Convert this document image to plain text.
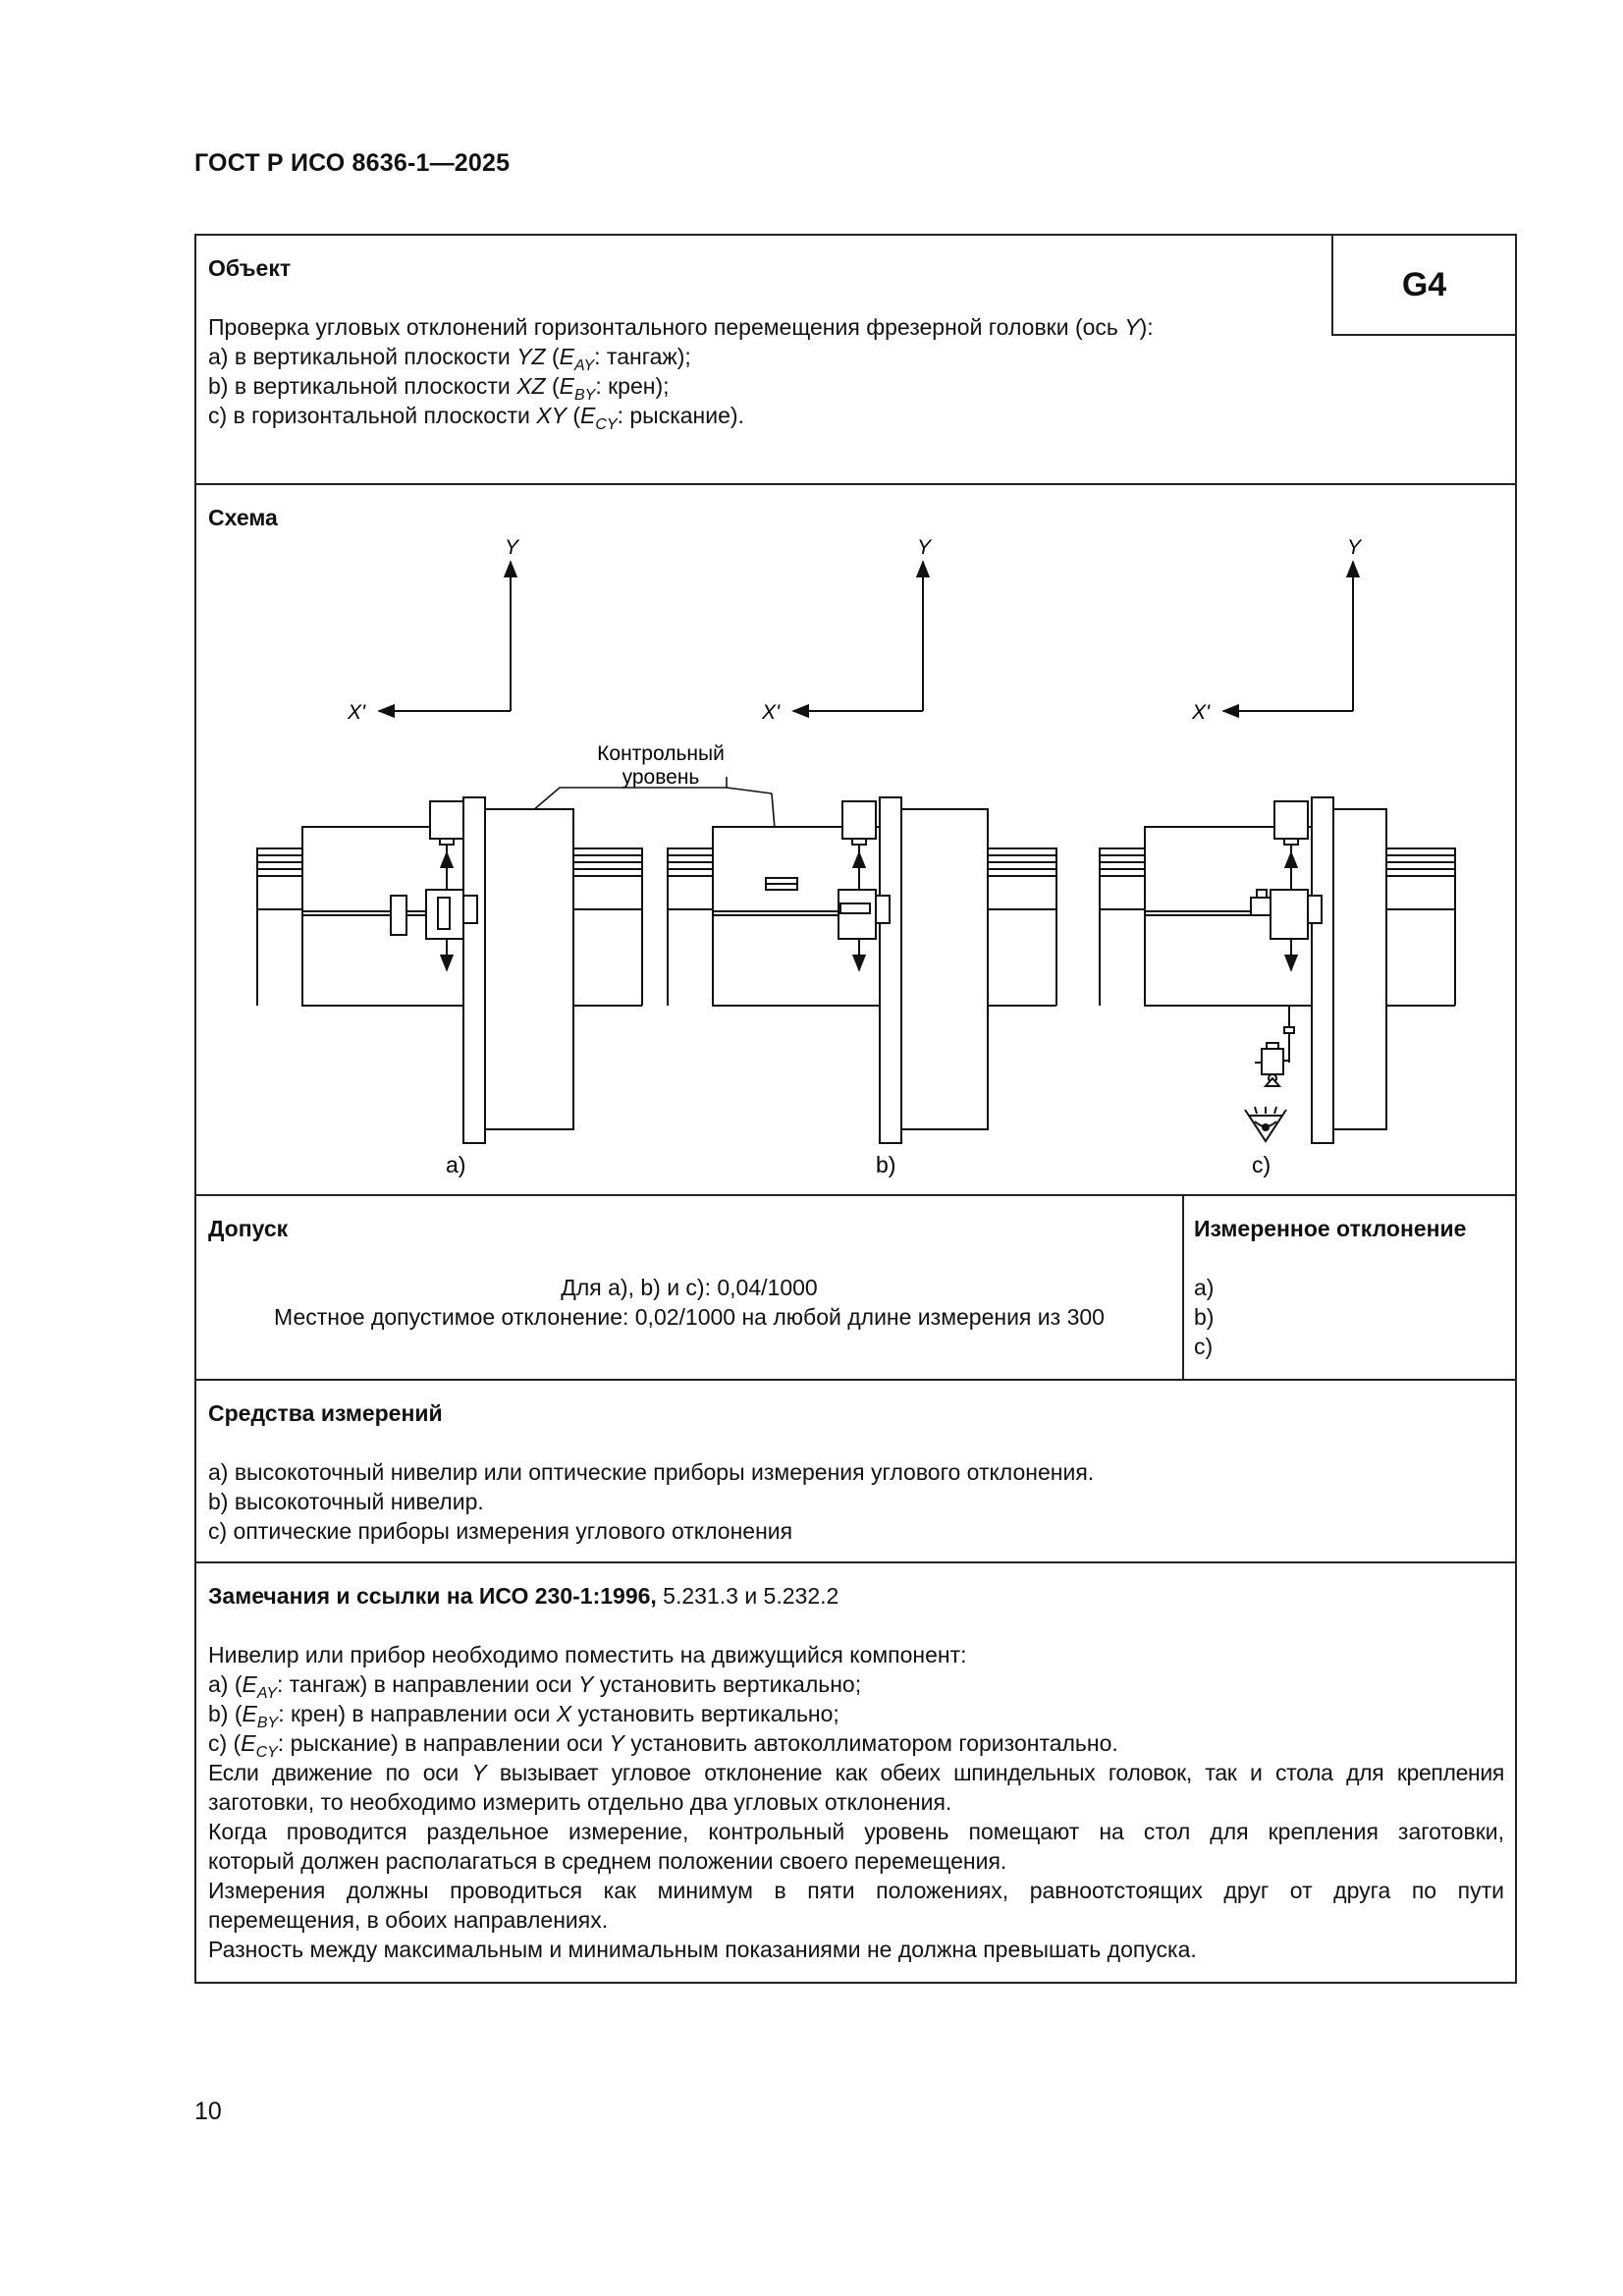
ГОСТ Р ИСО 8636-1—2025
Объект	G4
Проверка угловых отклонений горизонтального перемещения фрезерной головки (ось Y):
a) в вертикальной плоскости YZ ($E_{AY}$: тангаж);
b) в вертикальной плоскости XZ ($E_{BY}$: крен);
c) в горизонтальной плоскости XY ($E_{CY}$: рыскание).
Схема
Y	Y	Y
X'	X'	X'
Контрольный
уровень
a)	b)	c)
Допуск
Для a), b) и c): 0,04/1000
Местное допустимое отклонение: 0,02/1000 на любой длине измерения из 300
Измеренное отклонение
a)
b)
c)
Средства измерений
a) высокоточный нивелир или оптические приборы измерения углового отклонения.
b) высокоточный нивелир.
c) оптические приборы измерения углового отклонения
Замечания и ссылки на ИСО 230-1:1996, 5.231.3 и 5.232.2
Нивелир или прибор необходимо поместить на движущийся компонент:
a) ($E_{AY}$: тангаж) в направлении оси Y установить вертикально;
b) ($E_{BY}$: крен) в направлении оси X установить вертикально;
c) ($E_{CY}$: рыскание) в направлении оси Y установить автоколлиматором горизонтально.
Если движение по оси Y вызывает угловое отклонение как обеих шпиндельных головок, так и стола для крепления
заготовки, то необходимо измерить отдельно два угловых отклонения.
Когда проводится раздельное измерение, контрольный уровень помещают на стол для крепления заготовки,
который должен располагаться в среднем положении своего перемещения.
Измерения должны проводиться как минимум в пяти положениях, равноотстоящих друг от друга по пути
перемещения, в обоих направлениях.
Разность между максимальным и минимальным показаниями не должна превышать допуска.
10
